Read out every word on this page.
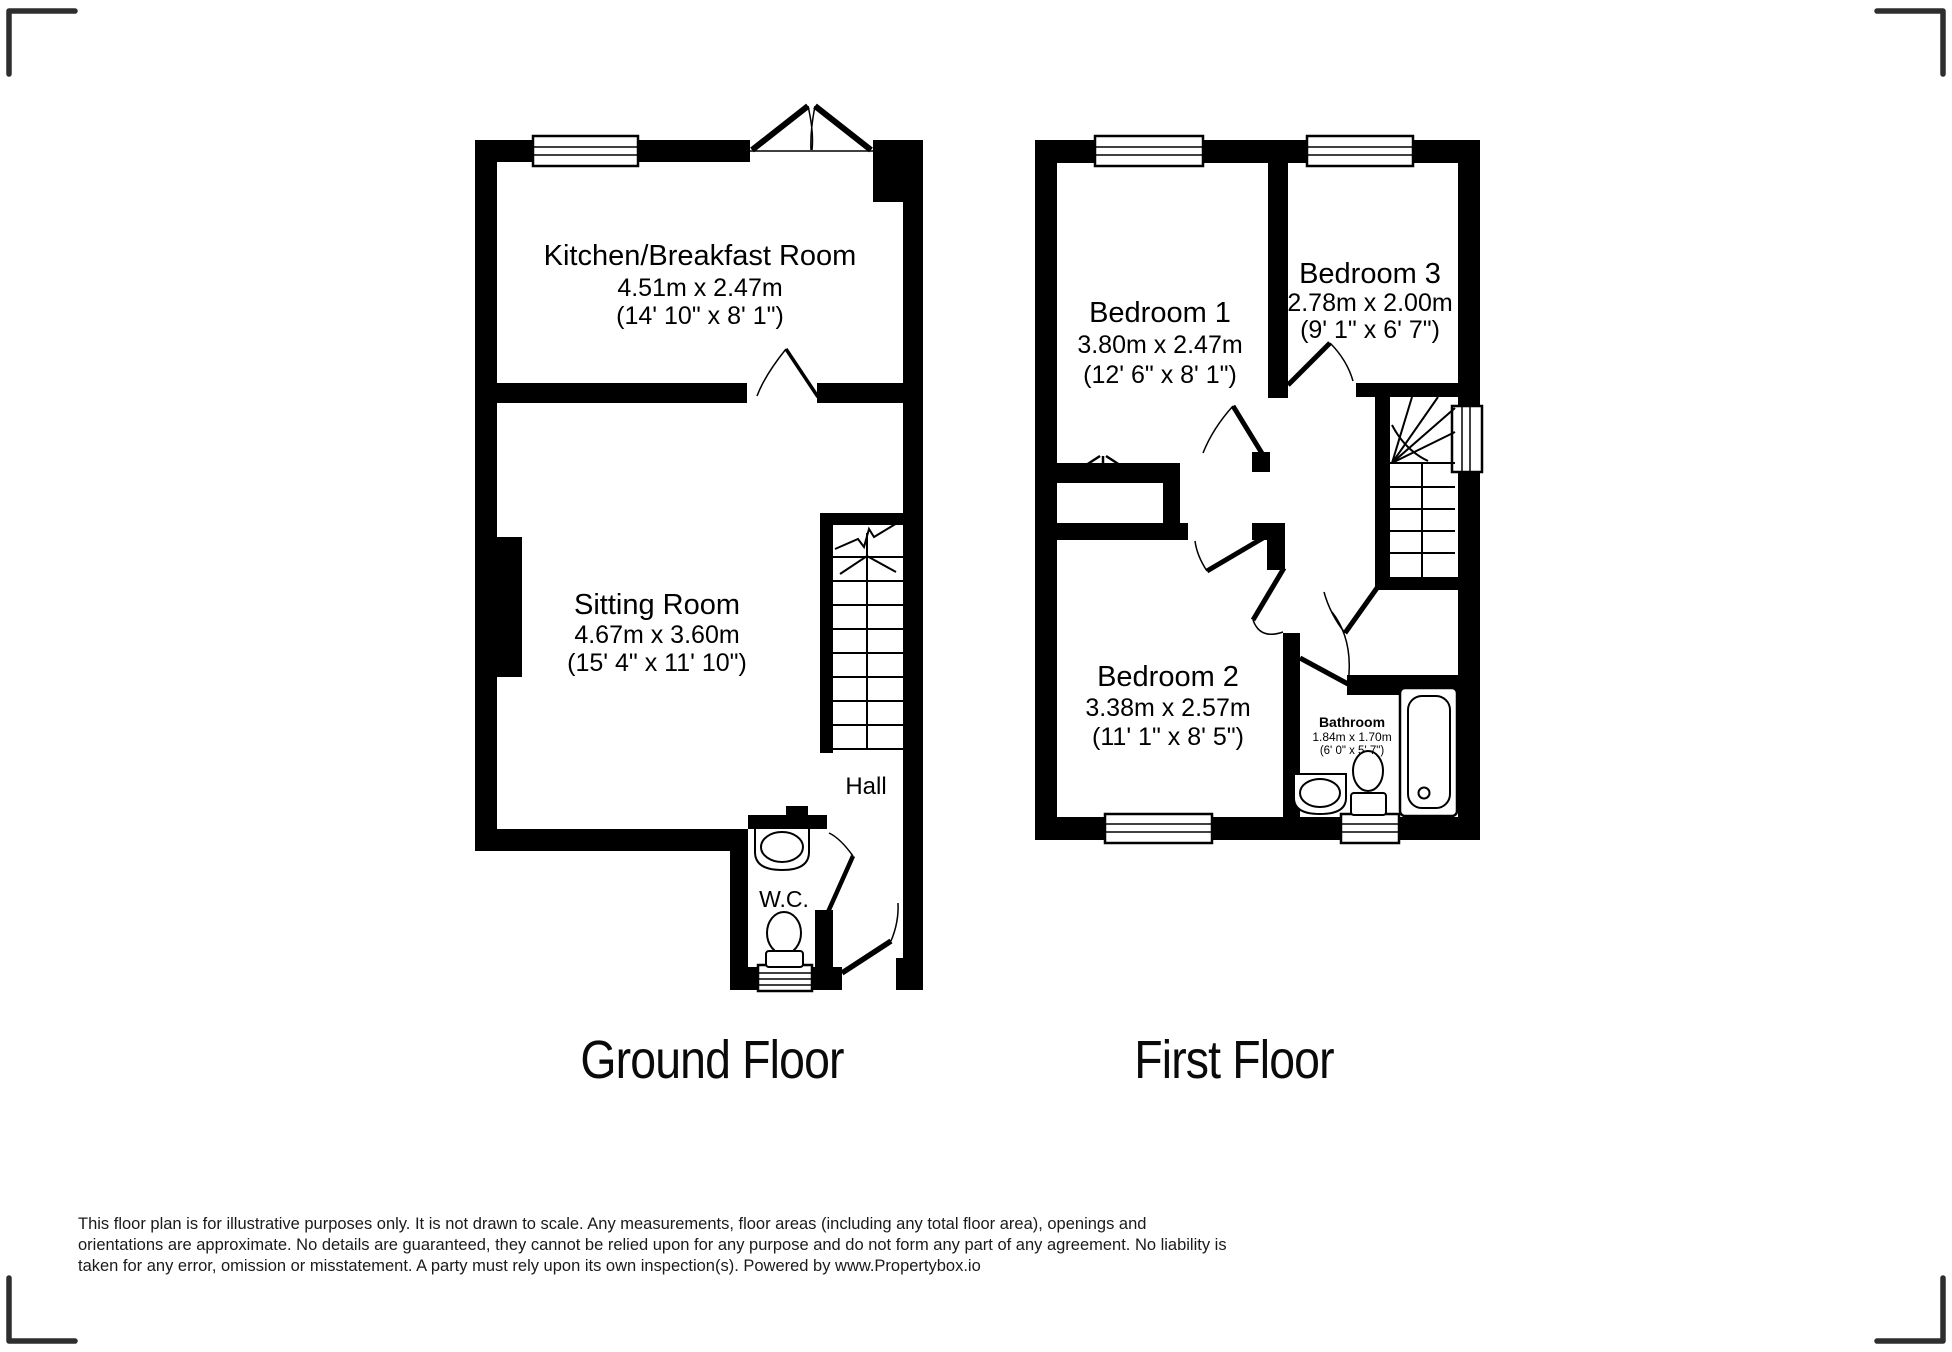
Kitchen/Breakfast Room
4.51m x 2.47m
(14' 10" x 8' 1")
Sitting Room
4.67m x 3.60m
(15' 4" x 11' 10")
Hall
W.C.
Bedroom 1
3.80m x 2.47m
(12' 6" x 8' 1")
Bedroom 3
2.78m x 2.00m
(9' 1" x 6' 7")
Bedroom 2
3.38m x 2.57m
(11' 1" x 8' 5")
Bathroom
1.84m x 1.70m
(6' 0" x 5' 7")
Ground Floor	First Floor
This floor plan is for illustrative purposes only. It is not drawn to scale. Any measurements, floor areas (including any total floor area), openings and
orientations are approximate. No details are guaranteed, they cannot be relied upon for any purpose and do not form any part of any agreement. No liability is
taken for any error, omission or misstatement. A party must rely upon its own inspection(s). Powered by www.Propertybox.io
